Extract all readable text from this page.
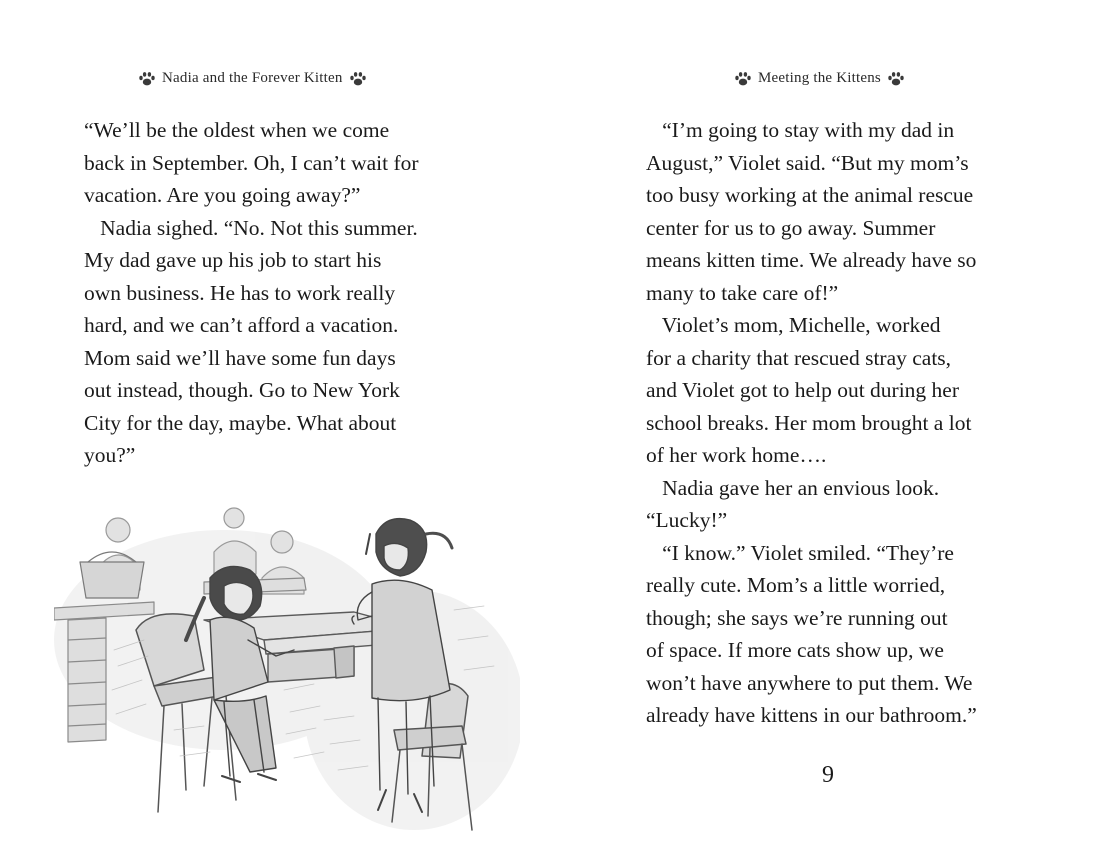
Nadia and the Forever Kitten

“We’ll be the oldest when we come
back in September. Oh, I can’t wait for
vacation. Are you going away?”
Nadia sighed. “No. Not this summer.
My dad gave up his job to start his
own business. He has to work really
hard, and we can’t afford a vacation.
Mom said we’ll have some fun days
out instead, though. Go to New York
City for the day, maybe. What about
you?”

Meeting the Kittens

“I’m going to stay with my dad in
August,” Violet said. “But my mom’s
too busy working at the animal rescue
center for us to go away. Summer
means kitten time. We already have so
many to take care of!”
Violet’s mom, Michelle, worked
for a charity that rescued stray cats,
and Violet got to help out during her
school breaks. Her mom brought a lot
of her work home….
Nadia gave her an envious look.
“Lucky!”
“I know.” Violet smiled. “They’re
really cute. Mom’s a little worried,
though; she says we’re running out
of space. If more cats show up, we
won’t have anywhere to put them. We
already have kittens in our bathroom.”

9
